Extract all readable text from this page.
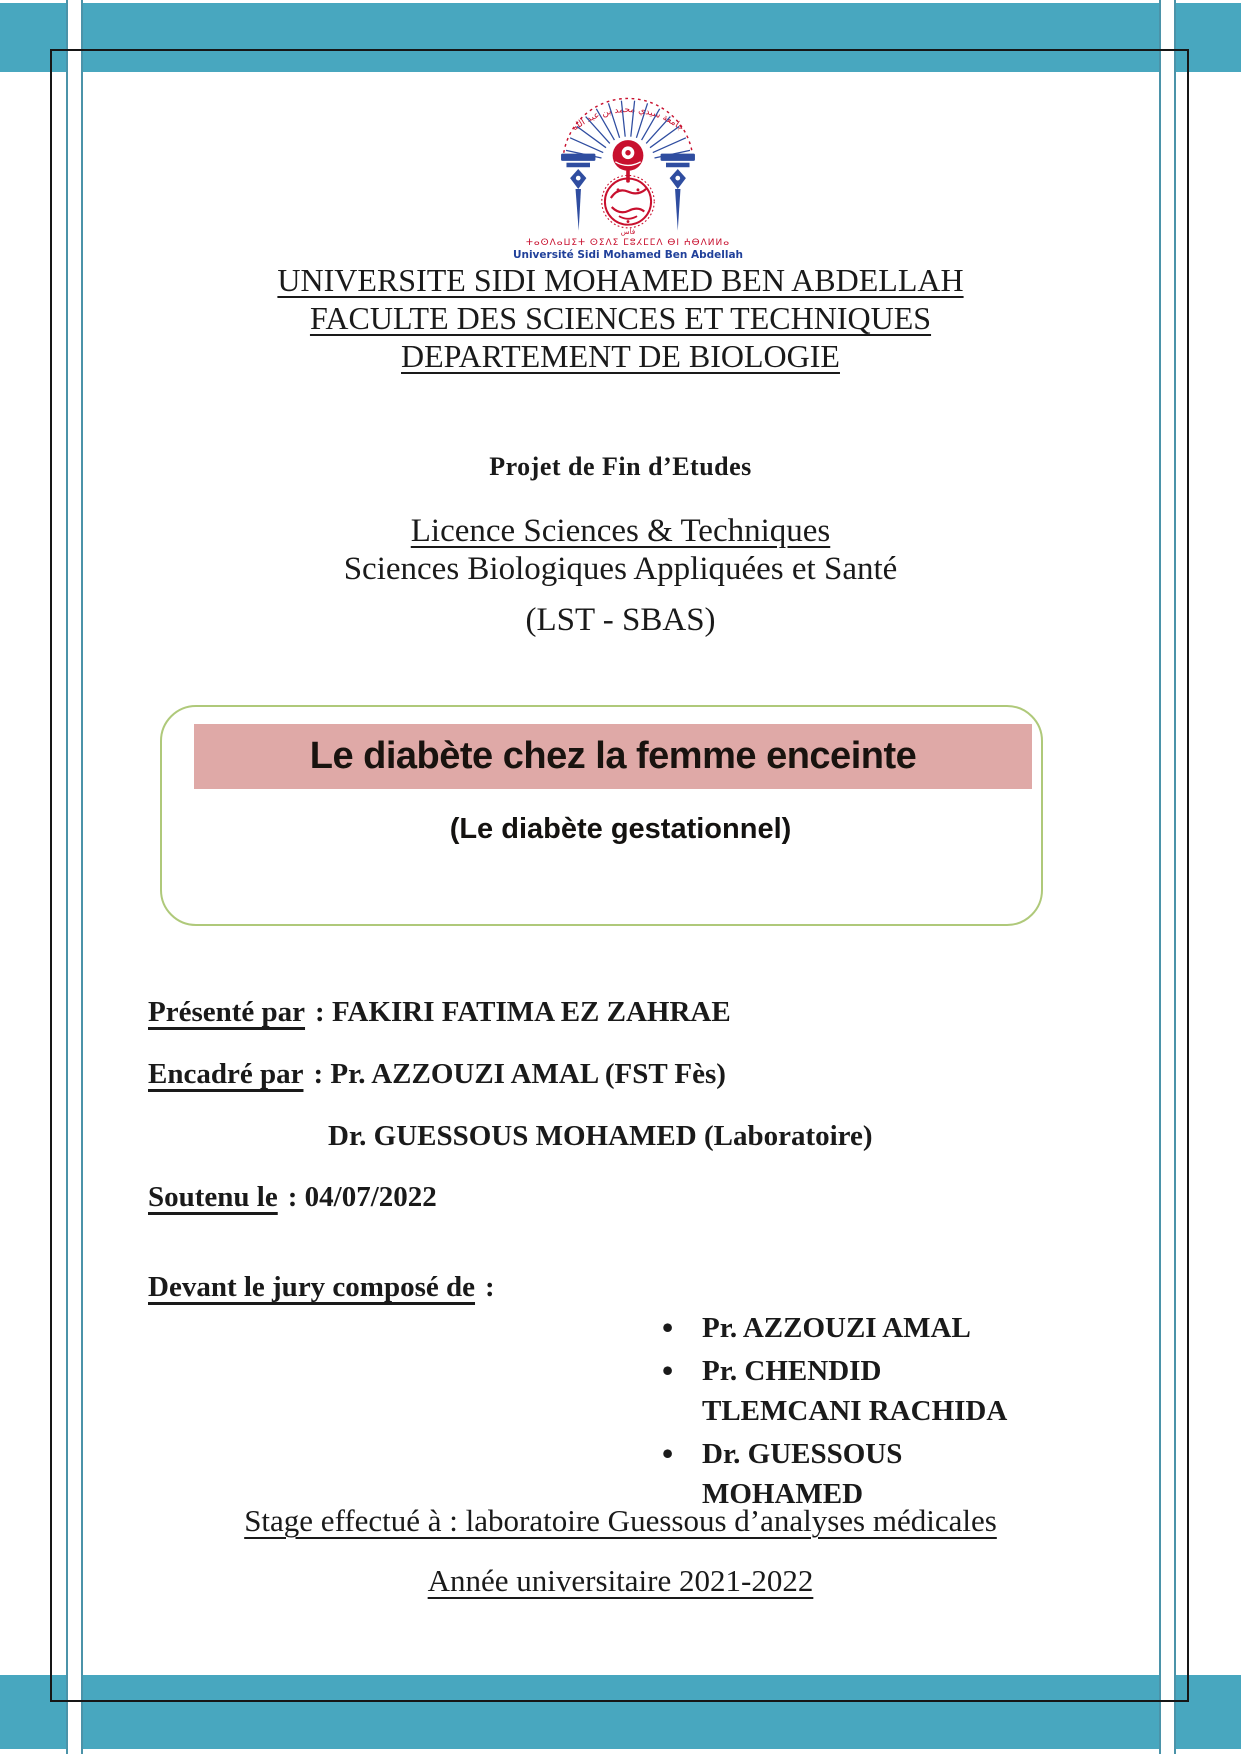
جامعة سيدي محمد بن عبد الله
فاس
ⵜⴰⵙⴷⴰⵡⵉⵜ ⵙⵉⴷⵉ ⵎⵓⵃⵎⵎⴷ ⴱⵏ ⵄⴱⴷⵍⵍⴰ
Université Sidi Mohamed Ben Abdellah
UNIVERSITE SIDI MOHAMED BEN ABDELLAH
FACULTE DES SCIENCES ET TECHNIQUES
DEPARTEMENT DE BIOLOGIE
Projet de Fin d’Etudes
Licence Sciences & Techniques
Sciences Biologiques Appliquées et Santé
(LST - SBAS)
Le diabète chez la femme enceinte
(Le diabète gestationnel)
Présenté par : FAKIRI FATIMA EZ ZAHRAE
Encadré par : Pr. AZZOUZI AMAL (FST Fès)
Dr. GUESSOUS MOHAMED (Laboratoire)
Soutenu le : 04/07/2022
Devant le jury composé de :
• Pr. AZZOUZI AMAL
• Pr. CHENDID TLEMCANI RACHIDA
• Dr. GUESSOUS MOHAMED
Stage effectué à : laboratoire Guessous d’analyses médicales
Année universitaire 2021-2022
